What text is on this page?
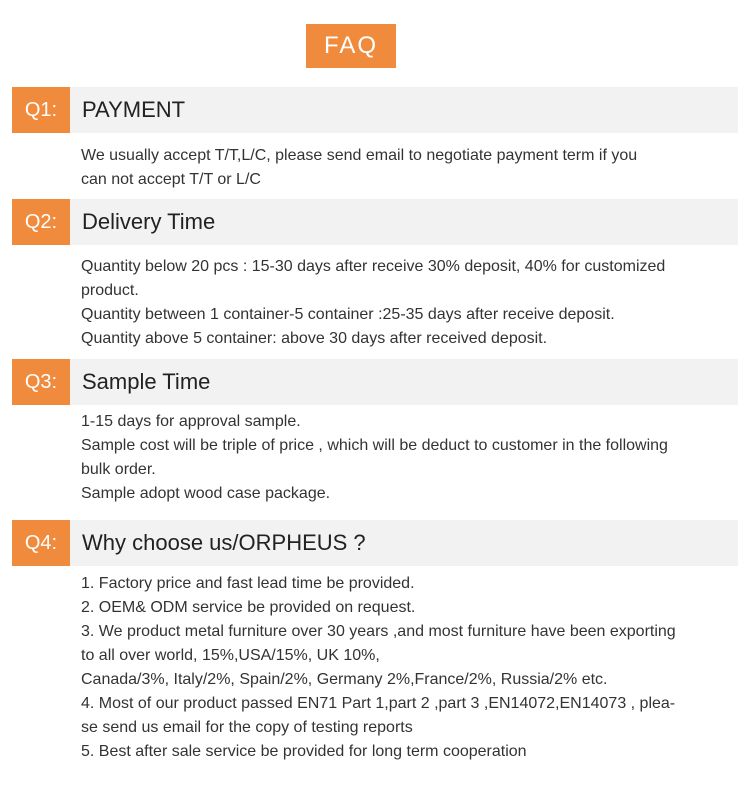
FAQ
Q1:	PAYMENT
We usually accept T/T,L/C, please send email to negotiate payment term if you
can not accept T/T or L/C
Q2:	Delivery Time
Quantity below 20 pcs : 15-30 days after receive 30% deposit, 40% for customized
product.
Quantity between 1 container-5 container :25-35 days after receive deposit.
Quantity above 5 container: above 30 days after received deposit.
Q3:	Sample Time
1-15 days for approval sample.
Sample cost will be triple of price , which will be deduct to customer in the following
bulk order.
Sample adopt wood case package.
Q4:	Why choose us/ORPHEUS ?
1. Factory price and fast lead time be provided.
2. OEM& ODM service be provided on request.
3. We product metal furniture over 30 years ,and most furniture have been exporting
to all over world, 15%,USA/15%, UK 10%,
Canada/3%, Italy/2%, Spain/2%, Germany 2%,France/2%, Russia/2% etc.
4. Most of our product passed EN71 Part 1,part 2 ,part 3 ,EN14072,EN14073 , plea-
se send us email for the copy of testing reports
5. Best after sale service be provided for long term cooperation
